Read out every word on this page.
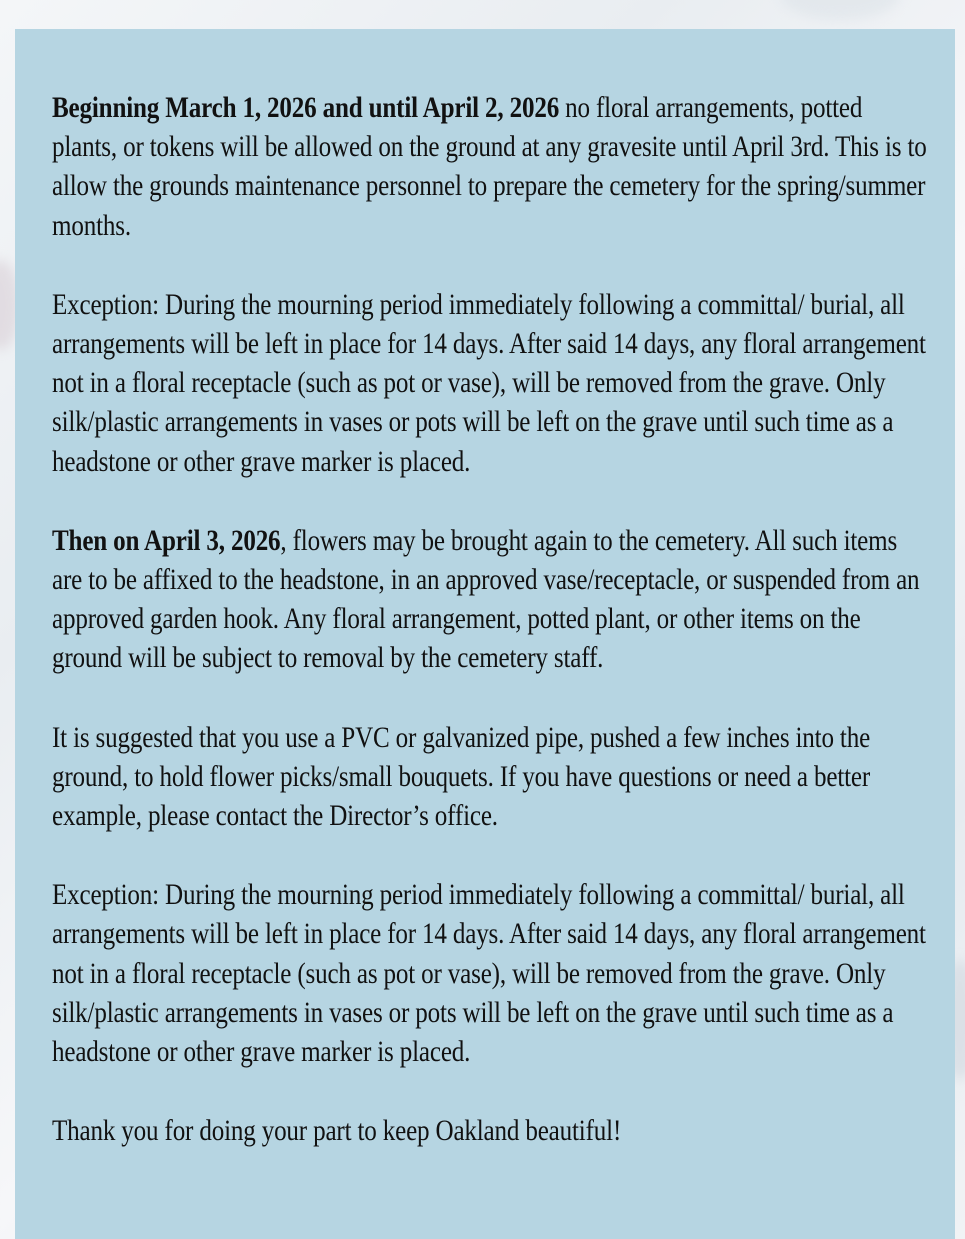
Beginning March 1, 2026 and until April 2, 2026 no floral arrangements, potted plants, or tokens will be allowed on the ground at any gravesite until April 3rd. This is to allow the grounds maintenance personnel to prepare the cemetery for the spring/summer months.

Exception: During the mourning period immediately following a committal/ burial, all arrangements will be left in place for 14 days. After said 14 days, any floral arrangement not in a floral receptacle (such as pot or vase), will be removed from the grave. Only silk/plastic arrangements in vases or pots will be left on the grave until such time as a headstone or other grave marker is placed.

Then on April 3, 2026, flowers may be brought again to the cemetery. All such items are to be affixed to the headstone, in an approved vase/receptacle, or suspended from an approved garden hook. Any floral arrangement, potted plant, or other items on the ground will be subject to removal by the cemetery staff.

It is suggested that you use a PVC or galvanized pipe, pushed a few inches into the ground, to hold flower picks/small bouquets. If you have questions or need a better example, please contact the Director’s office.

Exception: During the mourning period immediately following a committal/ burial, all arrangements will be left in place for 14 days. After said 14 days, any floral arrangement not in a floral receptacle (such as pot or vase), will be removed from the grave. Only silk/plastic arrangements in vases or pots will be left on the grave until such time as a headstone or other grave marker is placed.

Thank you for doing your part to keep Oakland beautiful!
